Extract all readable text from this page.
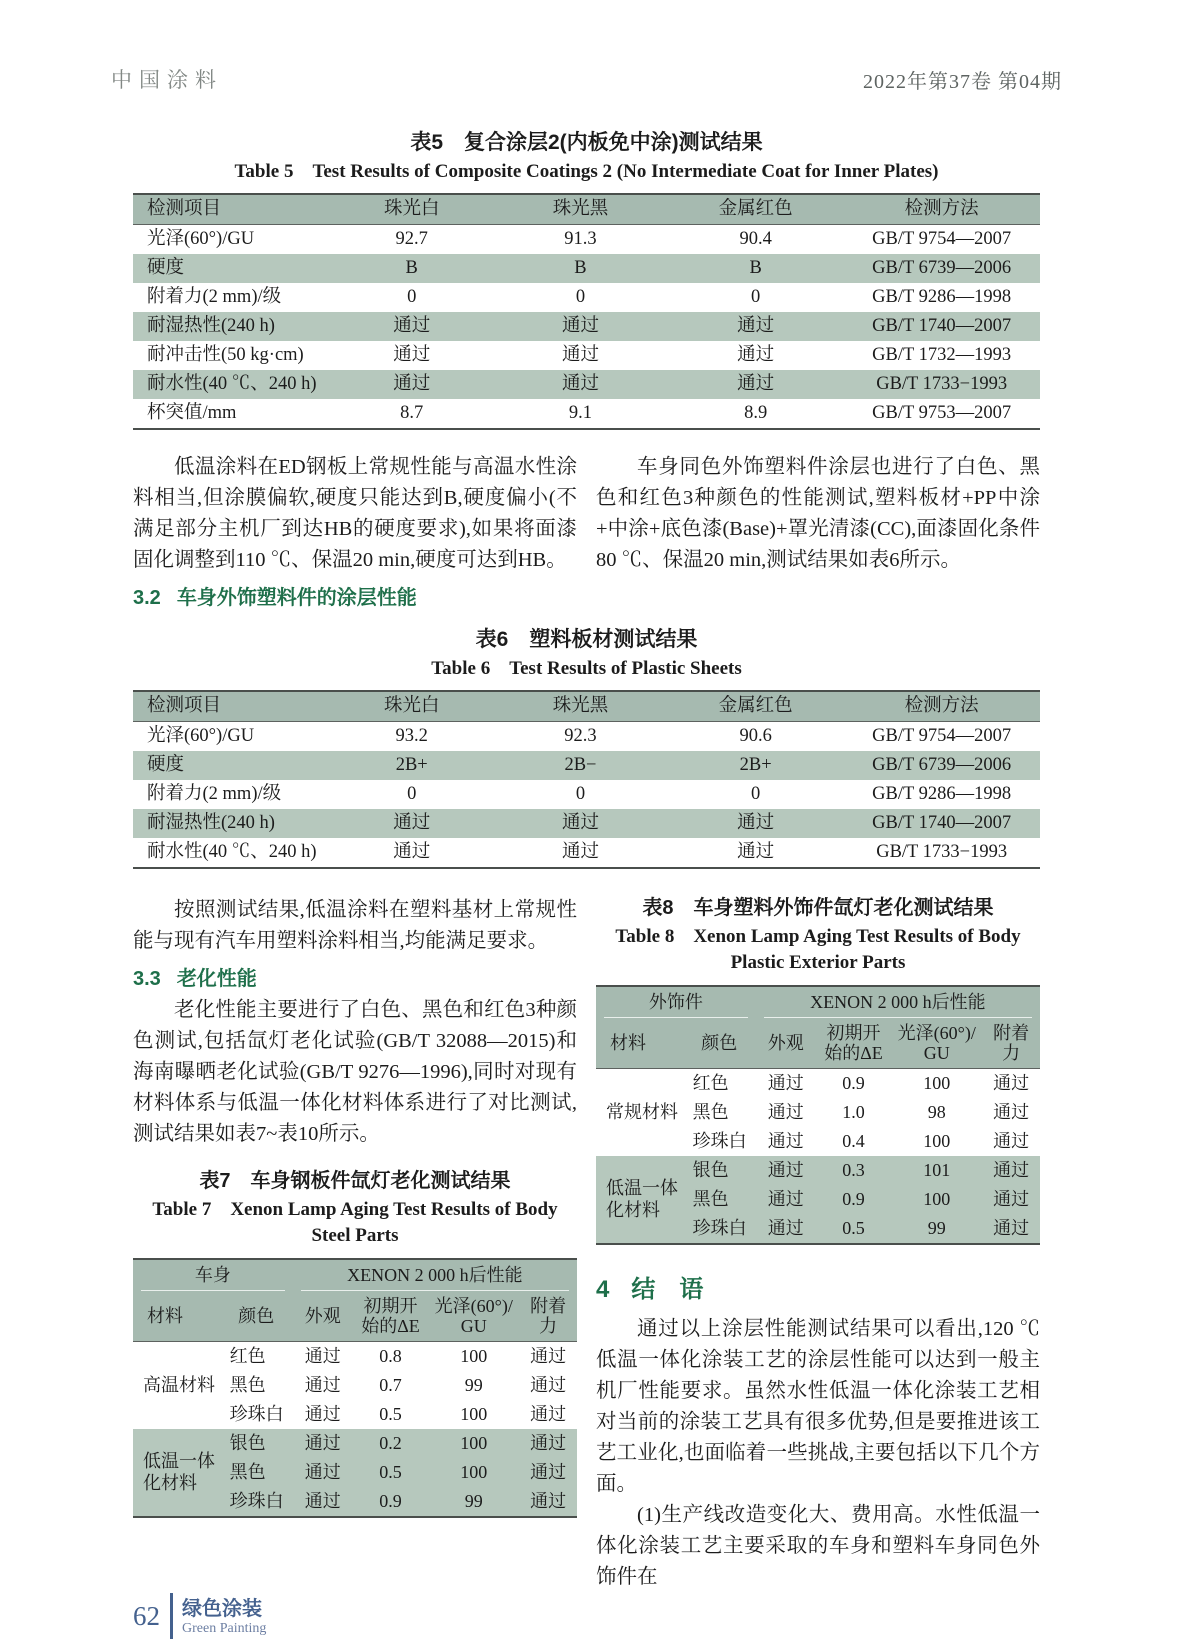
中国涂料	2022年第37卷 第04期
表5　复合涂层2(内板免中涂)测试结果
Table 5　Test Results of Composite Coatings 2 (No Intermediate Coat for Inner Plates)
检测项目	珠光白	珠光黑	金属红色	检测方法
光泽(60°)/GU	92.7	91.3	90.4	GB/T 9754—2007
硬度	B	B	B	GB/T 6739—2006
附着力(2 mm)/级	0	0	0	GB/T 9286—1998
耐湿热性(240 h)	通过	通过	通过	GB/T 1740—2007
耐冲击性(50 kg·cm)	通过	通过	通过	GB/T 1732—1993
耐水性(40 ℃、240 h)	通过	通过	通过	GB/T 1733−1993
杯突值/mm	8.7	9.1	8.9	GB/T 9753—2007

低温涂料在ED钢板上常规性能与高温水性涂料相当,但涂膜偏软,硬度只能达到B,硬度偏小(不满足部分主机厂到达HB的硬度要求),如果将面漆固化调整到110 ℃、保温20 min,硬度可达到HB。

3.2 车身外饰塑料件的涂层性能

车身同色外饰塑料件涂层也进行了白色、黑色和红色3种颜色的性能测试,塑料板材+PP中涂+中涂+底色漆(Base)+罩光清漆(CC),面漆固化条件80 ℃、保温20 min,测试结果如表6所示。

表6　塑料板材测试结果
Table 6　Test Results of Plastic Sheets
检测项目	珠光白	珠光黑	金属红色	检测方法
光泽(60°)/GU	93.2	92.3	90.6	GB/T 9754—2007
硬度	2B+	2B−	2B+	GB/T 6739—2006
附着力(2 mm)/级	0	0	0	GB/T 9286—1998
耐湿热性(240 h)	通过	通过	通过	GB/T 1740—2007
耐水性(40 ℃、240 h)	通过	通过	通过	GB/T 1733−1993

按照测试结果,低温涂料在塑料基材上常规性能与现有汽车用塑料涂料相当,均能满足要求。

3.3 老化性能

老化性能主要进行了白色、黑色和红色3种颜色测试,包括氙灯老化试验(GB/T 32088—2015)和海南曝晒老化试验(GB/T 9276—1996),同时对现有材料体系与低温一体化材料体系进行了对比测试,测试结果如表7~表10所示。

表7　车身钢板件氙灯老化测试结果
Table 7　Xenon Lamp Aging Test Results of Body Steel Parts
车身		XENON 2 000 h后性能			
材料	颜色	外观	初期开始的ΔE	光泽(60°)/ GU	附着力
高温材料	红色	通过	0.8	100	通过
	黑色	通过	0.7	99	通过
	珍珠白	通过	0.5	100	通过
低温一体化材料	银色	通过	0.2	100	通过
	黑色	通过	0.5	100	通过
	珍珠白	通过	0.9	99	通过
表8　车身塑料外饰件氙灯老化测试结果
Table 8　Xenon Lamp Aging Test Results of Body Plastic Exterior Parts
外饰件		XENON 2 000 h后性能			
材料	颜色	外观	初期开始的ΔE	光泽(60°)/ GU	附着力
常规材料	红色	通过	0.9	100	通过
	黑色	通过	1.0	98	通过
	珍珠白	通过	0.4	100	通过
低温一体化材料	银色	通过	0.3	101	通过
	黑色	通过	0.9	100	通过
	珍珠白	通过	0.5	99	通过
4 结　语

通过以上涂层性能测试结果可以看出,120 ℃低温一体化涂装工艺的涂层性能可以达到一般主机厂性能要求。虽然水性低温一体化涂装工艺相对当前的涂装工艺具有很多优势,但是要推进该工艺工业化,也面临着一些挑战,主要包括以下几个方面。

(1)生产线改造变化大、费用高。水性低温一体化涂装工艺主要采取的车身和塑料车身同色外饰件在

62 绿色涂装
Green Painting
